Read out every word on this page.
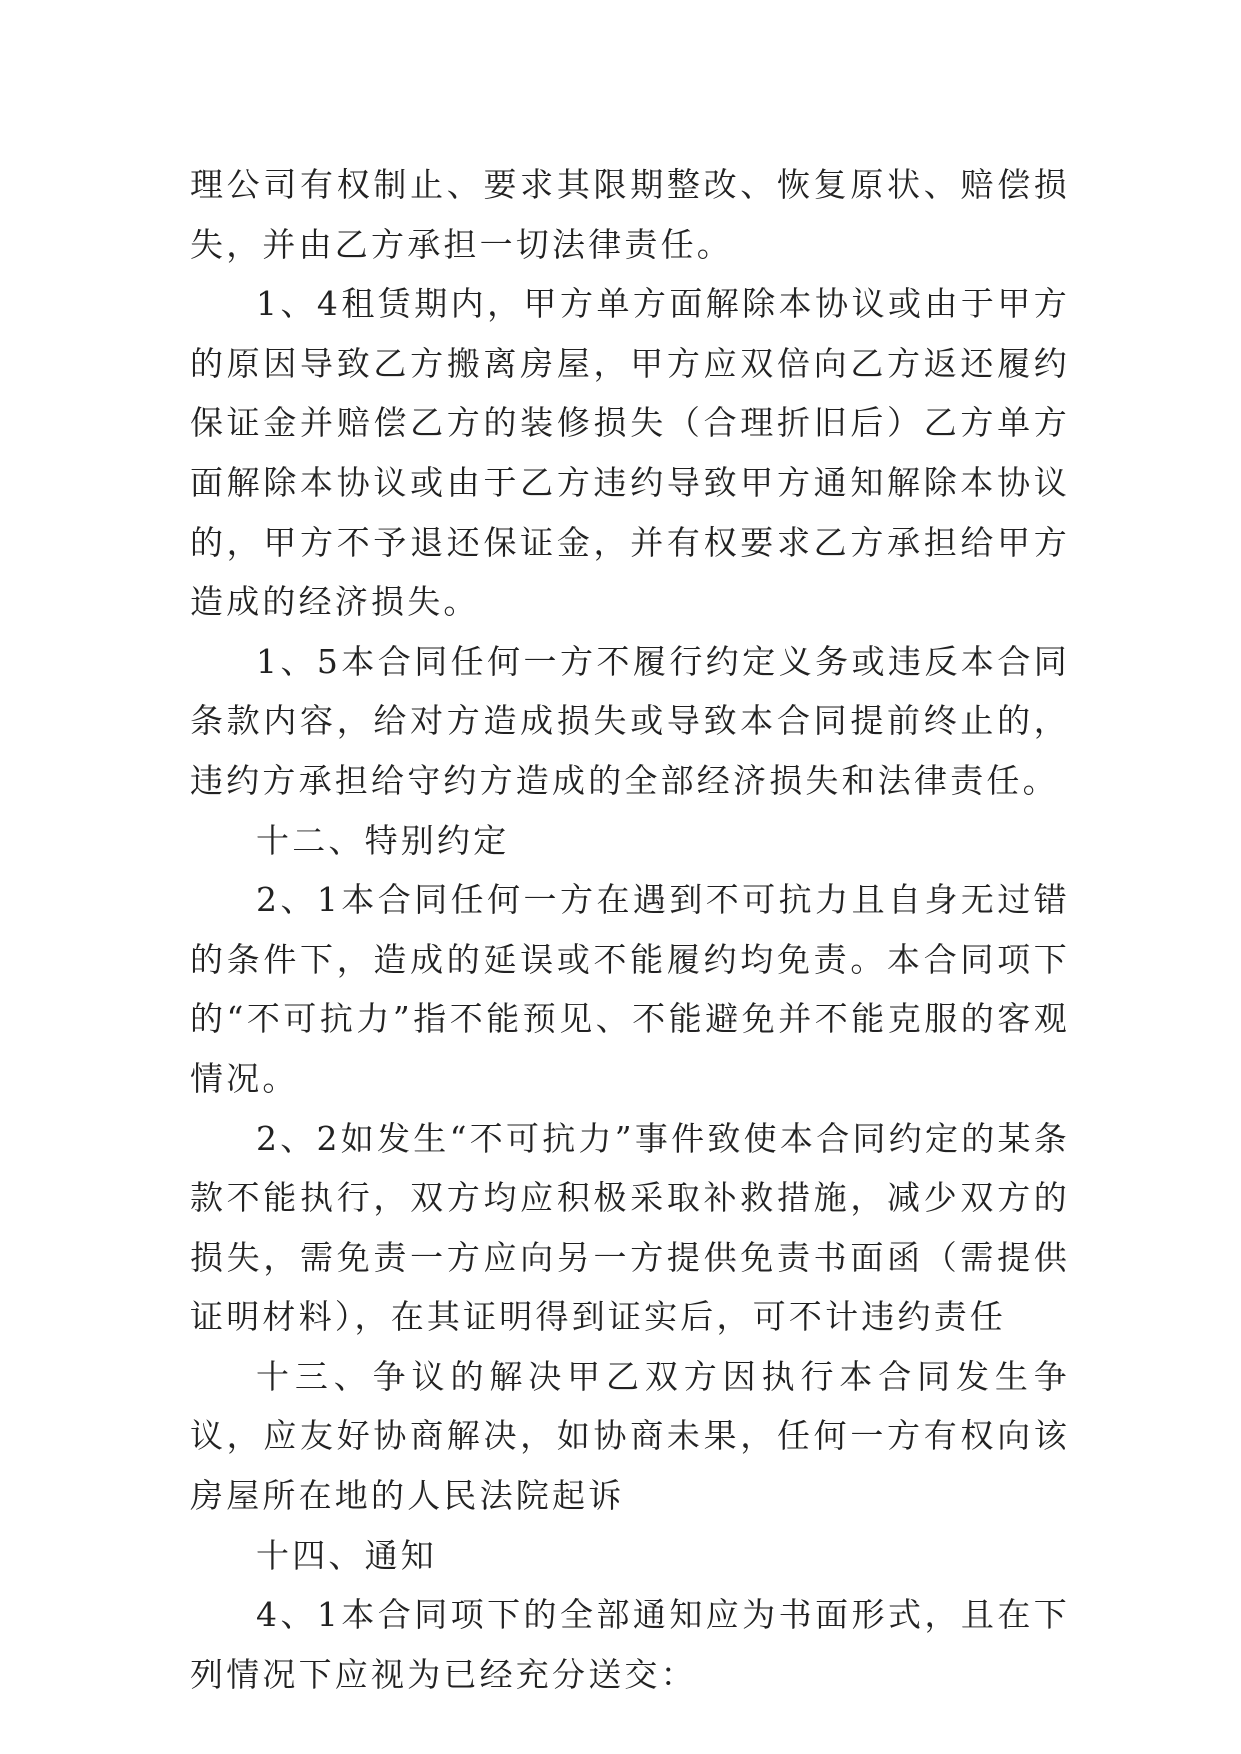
理公司有权制止、要求其限期整改、恢复原状、赔偿损失，并由乙方承担一切法律责任。

1、4租赁期内，甲方单方面解除本协议或由于甲方的原因导致乙方搬离房屋，甲方应双倍向乙方返还履约保证金并赔偿乙方的装修损失（合理折旧后）乙方单方面解除本协议或由于乙方违约导致甲方通知解除本协议的，甲方不予退还保证金，并有权要求乙方承担给甲方造成的经济损失。

1、5本合同任何一方不履行约定义务或违反本合同条款内容，给对方造成损失或导致本合同提前终止的，违约方承担给守约方造成的全部经济损失和法律责任。

十二、特别约定

2、1本合同任何一方在遇到不可抗力且自身无过错的条件下，造成的延误或不能履约均免责。本合同项下的“不可抗力”指不能预见、不能避免并不能克服的客观情况。

2、2如发生“不可抗力”事件致使本合同约定的某条款不能执行，双方均应积极采取补救措施，减少双方的损失，需免责一方应向另一方提供免责书面函（需提供证明材料），在其证明得到证实后，可不计违约责任

十三、争议的解决甲乙双方因执行本合同发生争议，应友好协商解决，如协商未果，任何一方有权向该房屋所在地的人民法院起诉

十四、通知

4、1本合同项下的全部通知应为书面形式，且在下列情况下应视为已经充分送交：
